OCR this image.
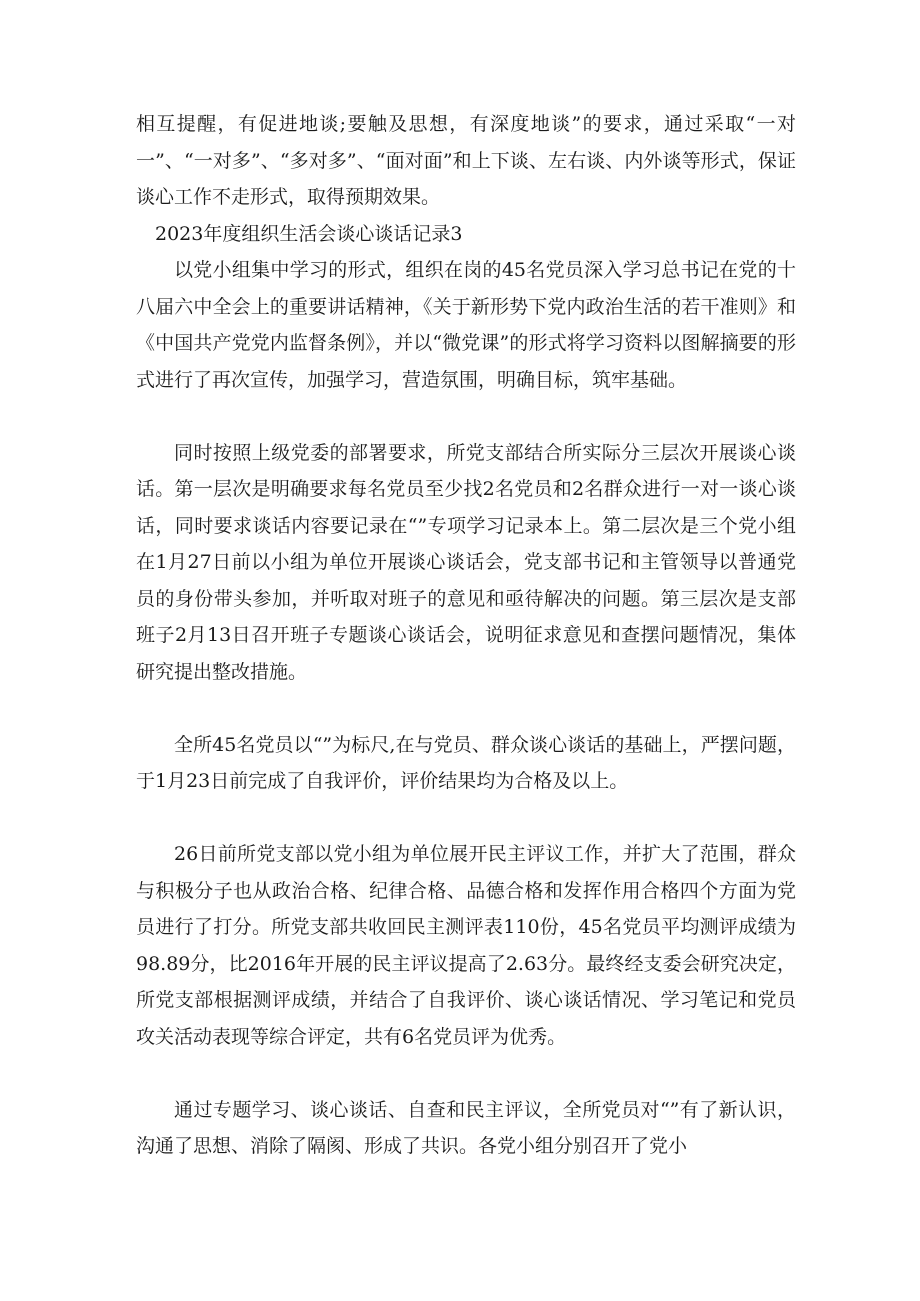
相互提醒，有促进地谈;要触及思想，有深度地谈”的要求，通过采取“一对一”、“一对多”、“多对多”、“面对面”和上下谈、左右谈、内外谈等形式，保证谈心工作不走形式，取得预期效果。

2023年度组织生活会谈心谈话记录3

以党小组集中学习的形式，组织在岗的45名党员深入学习总书记在党的十八届六中全会上的重要讲话精神，《关于新形势下党内政治生活的若干准则》和《中国共产党党内监督条例》，并以“微党课”的形式将学习资料以图解摘要的形式进行了再次宣传，加强学习，营造氛围，明确目标，筑牢基础。

同时按照上级党委的部署要求，所党支部结合所实际分三层次开展谈心谈话。第一层次是明确要求每名党员至少找2名党员和2名群众进行一对一谈心谈话，同时要求谈话内容要记录在“”专项学习记录本上。第二层次是三个党小组在1月27日前以小组为单位开展谈心谈话会，党支部书记和主管领导以普通党员的身份带头参加，并听取对班子的意见和亟待解决的问题。第三层次是支部班子2月13日召开班子专题谈心谈话会，说明征求意见和查摆问题情况，集体研究提出整改措施。

全所45名党员以“”为标尺,在与党员、群众谈心谈话的基础上，严摆问题，于1月23日前完成了自我评价，评价结果均为合格及以上。

26日前所党支部以党小组为单位展开民主评议工作，并扩大了范围，群众与积极分子也从政治合格、纪律合格、品德合格和发挥作用合格四个方面为党员进行了打分。所党支部共收回民主测评表110份，45名党员平均测评成绩为98.89分，比2016年开展的民主评议提高了2.63分。最终经支委会研究决定，所党支部根据测评成绩，并结合了自我评价、谈心谈话情况、学习笔记和党员攻关活动表现等综合评定，共有6名党员评为优秀。

通过专题学习、谈心谈话、自查和民主评议，全所党员对“”有了新认识，沟通了思想、消除了隔阂、形成了共识。各党小组分别召开了党小
